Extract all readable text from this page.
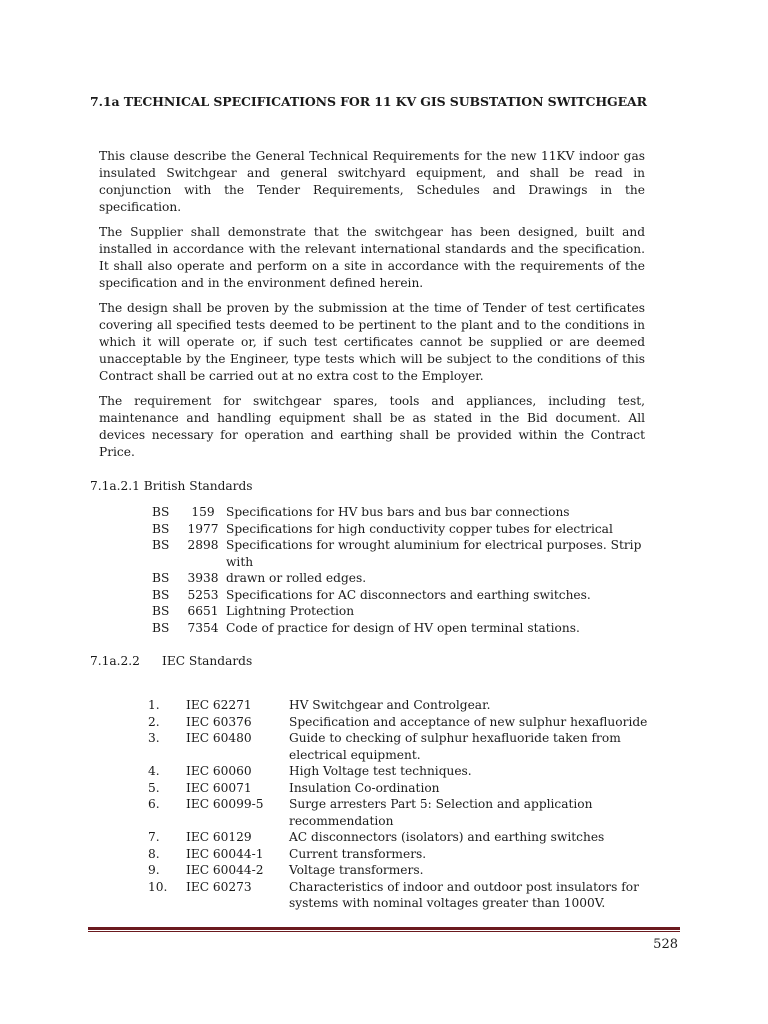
7.1a TECHNICAL SPECIFICATIONS FOR 11 KV GIS SUBSTATION SWITCHGEAR

This clause describe the General Technical Requirements for the new 11KV indoor gas insulated Switchgear and general switchyard equipment, and shall be read in conjunction with the Tender Requirements, Schedules and Drawings in the specification.

The Supplier shall demonstrate that the switchgear has been designed, built and installed in accordance with the relevant international standards and the specification. It shall also operate and perform on a site in accordance with the requirements of the specification and in the environment defined herein.

The design shall be proven by the submission at the time of Tender of test certificates covering all specified tests deemed to be pertinent to the plant and to the conditions in which it will operate or, if such test certificates cannot be supplied or are deemed unacceptable by the Engineer, type tests which will be subject to the conditions of this Contract shall be carried out at no extra cost to the Employer.

The requirement for switchgear spares, tools and appliances, including test, maintenance and handling equipment shall be as stated in the Bid document. All devices necessary for operation and earthing shall be provided within the Contract Price.

7.1a.2.1 British Standards
BS	159 Specifications for HV bus bars and bus bar connections
BS	1977 Specifications for high conductivity copper tubes for electrical
BS	2898 Specifications for wrought aluminium for electrical purposes. Strip with
BS	3938 drawn or rolled edges.
BS	5253 Specifications for AC disconnectors and earthing switches.
BS	6651 Lightning Protection
BS	7354 Code of practice for design of HV open terminal stations.
7.1a.2.2 IEC Standards
1.	IEC 62271	HV Switchgear and Controlgear.
2.	IEC 60376	Specification and acceptance of new sulphur hexafluoride
3.	IEC 60480	Guide to checking of sulphur hexafluoride taken from electrical equipment.
4.	IEC 60060	High Voltage test techniques.
5.	IEC 60071	Insulation Co-ordination
6.	IEC 60099-5	Surge arresters Part 5: Selection and application recommendation
7.	IEC 60129	AC disconnectors (isolators) and earthing switches
8.	IEC 60044-1	Current transformers.
9.	IEC 60044-2	Voltage transformers.
10.	IEC 60273	Characteristics of indoor and outdoor post insulators for systems with nominal voltages greater than 1000V.
528
